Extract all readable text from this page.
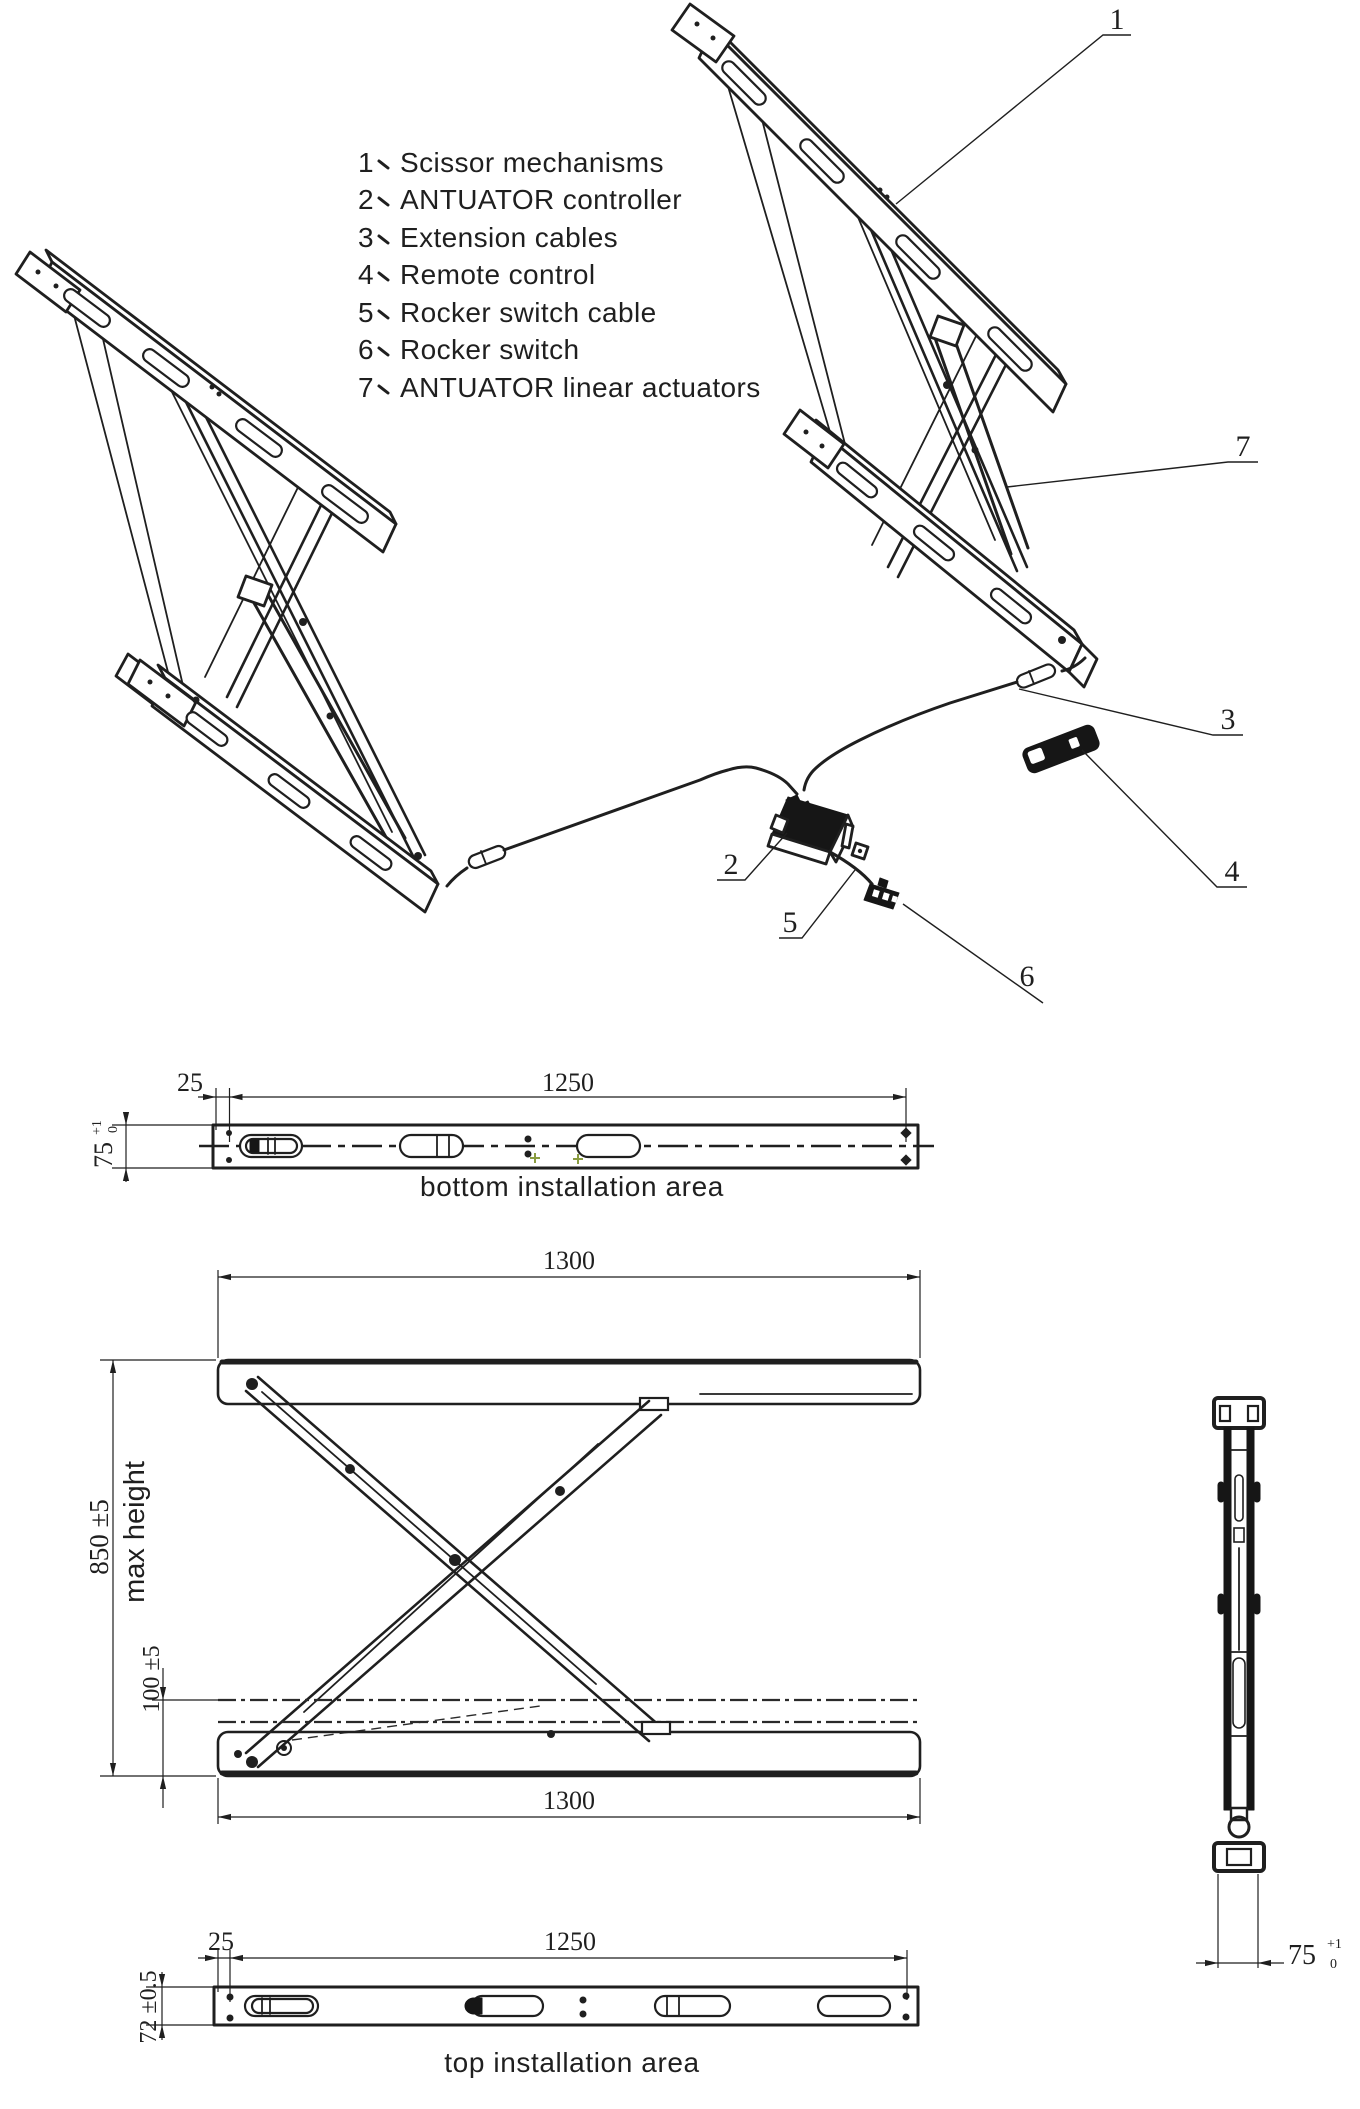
1
7
3
4
2
5
6
1 Scissor mechanisms
2 ANTUATOR controller
3 Extension cables
4 Remote control
5 Rocker switch cable
6 Rocker switch
7 ANTUATOR linear actuators
25	1250
75
+1 0
bottom installation area
1300
850 ±5 max height
100 ±5
1300
75 +1
0
25	1250
72 ±0.5
top installation area
